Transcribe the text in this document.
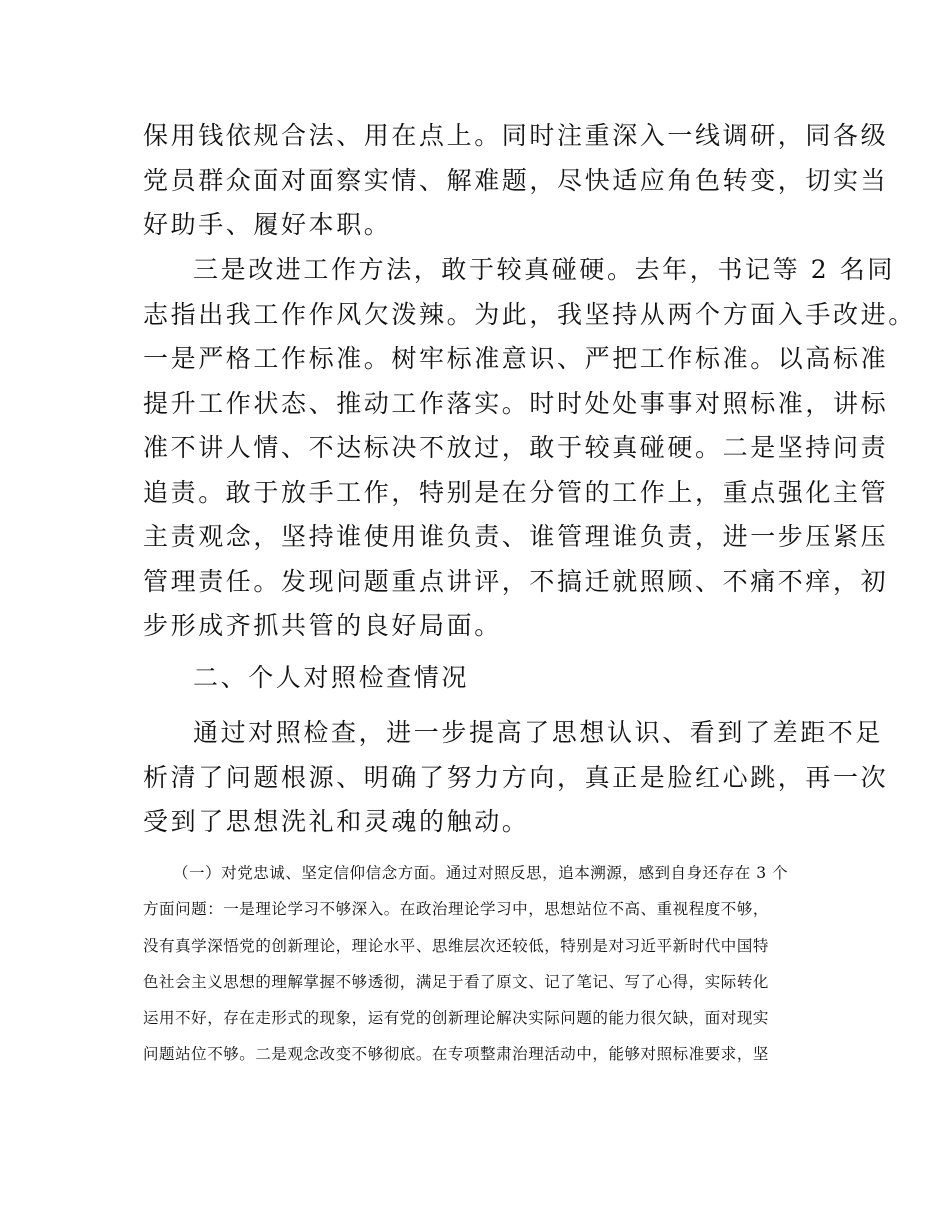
保用钱依规合法、用在点上。同时注重深入一线调研，同各级
党员群众面对面察实情、解难题，尽快适应角色转变，切实当
好助手、履好本职。
三是改进工作方法，敢于较真碰硬。去年，书记等 2 名同
志指出我工作作风欠泼辣。为此，我坚持从两个方面入手改进。
一是严格工作标准。树牢标准意识、严把工作标准。以高标准
提升工作状态、推动工作落实。时时处处事事对照标准，讲标
准不讲人情、不达标决不放过，敢于较真碰硬。二是坚持问责
追责。敢于放手工作，特别是在分管的工作上，重点强化主管
主责观念，坚持谁使用谁负责、谁管理谁负责，进一步压紧压
管理责任。发现问题重点讲评，不搞迁就照顾、不痛不痒，初
步形成齐抓共管的良好局面。
二、个人对照检查情况
通过对照检查，进一步提高了思想认识、看到了差距不足
析清了问题根源、明确了努力方向，真正是脸红心跳，再一次
受到了思想洗礼和灵魂的触动。
（一）对党忠诚、坚定信仰信念方面。通过对照反思，追本溯源，感到自身还存在 3 个
方面问题：一是理论学习不够深入。在政治理论学习中，思想站位不高、重视程度不够，
没有真学深悟党的创新理论，理论水平、思维层次还较低，特别是对习近平新时代中国特
色社会主义思想的理解掌握不够透彻，满足于看了原文、记了笔记、写了心得，实际转化
运用不好，存在走形式的现象，运有党的创新理论解决实际问题的能力很欠缺，面对现实
问题站位不够。二是观念改变不够彻底。在专项整肃治理活动中，能够对照标准要求，坚
